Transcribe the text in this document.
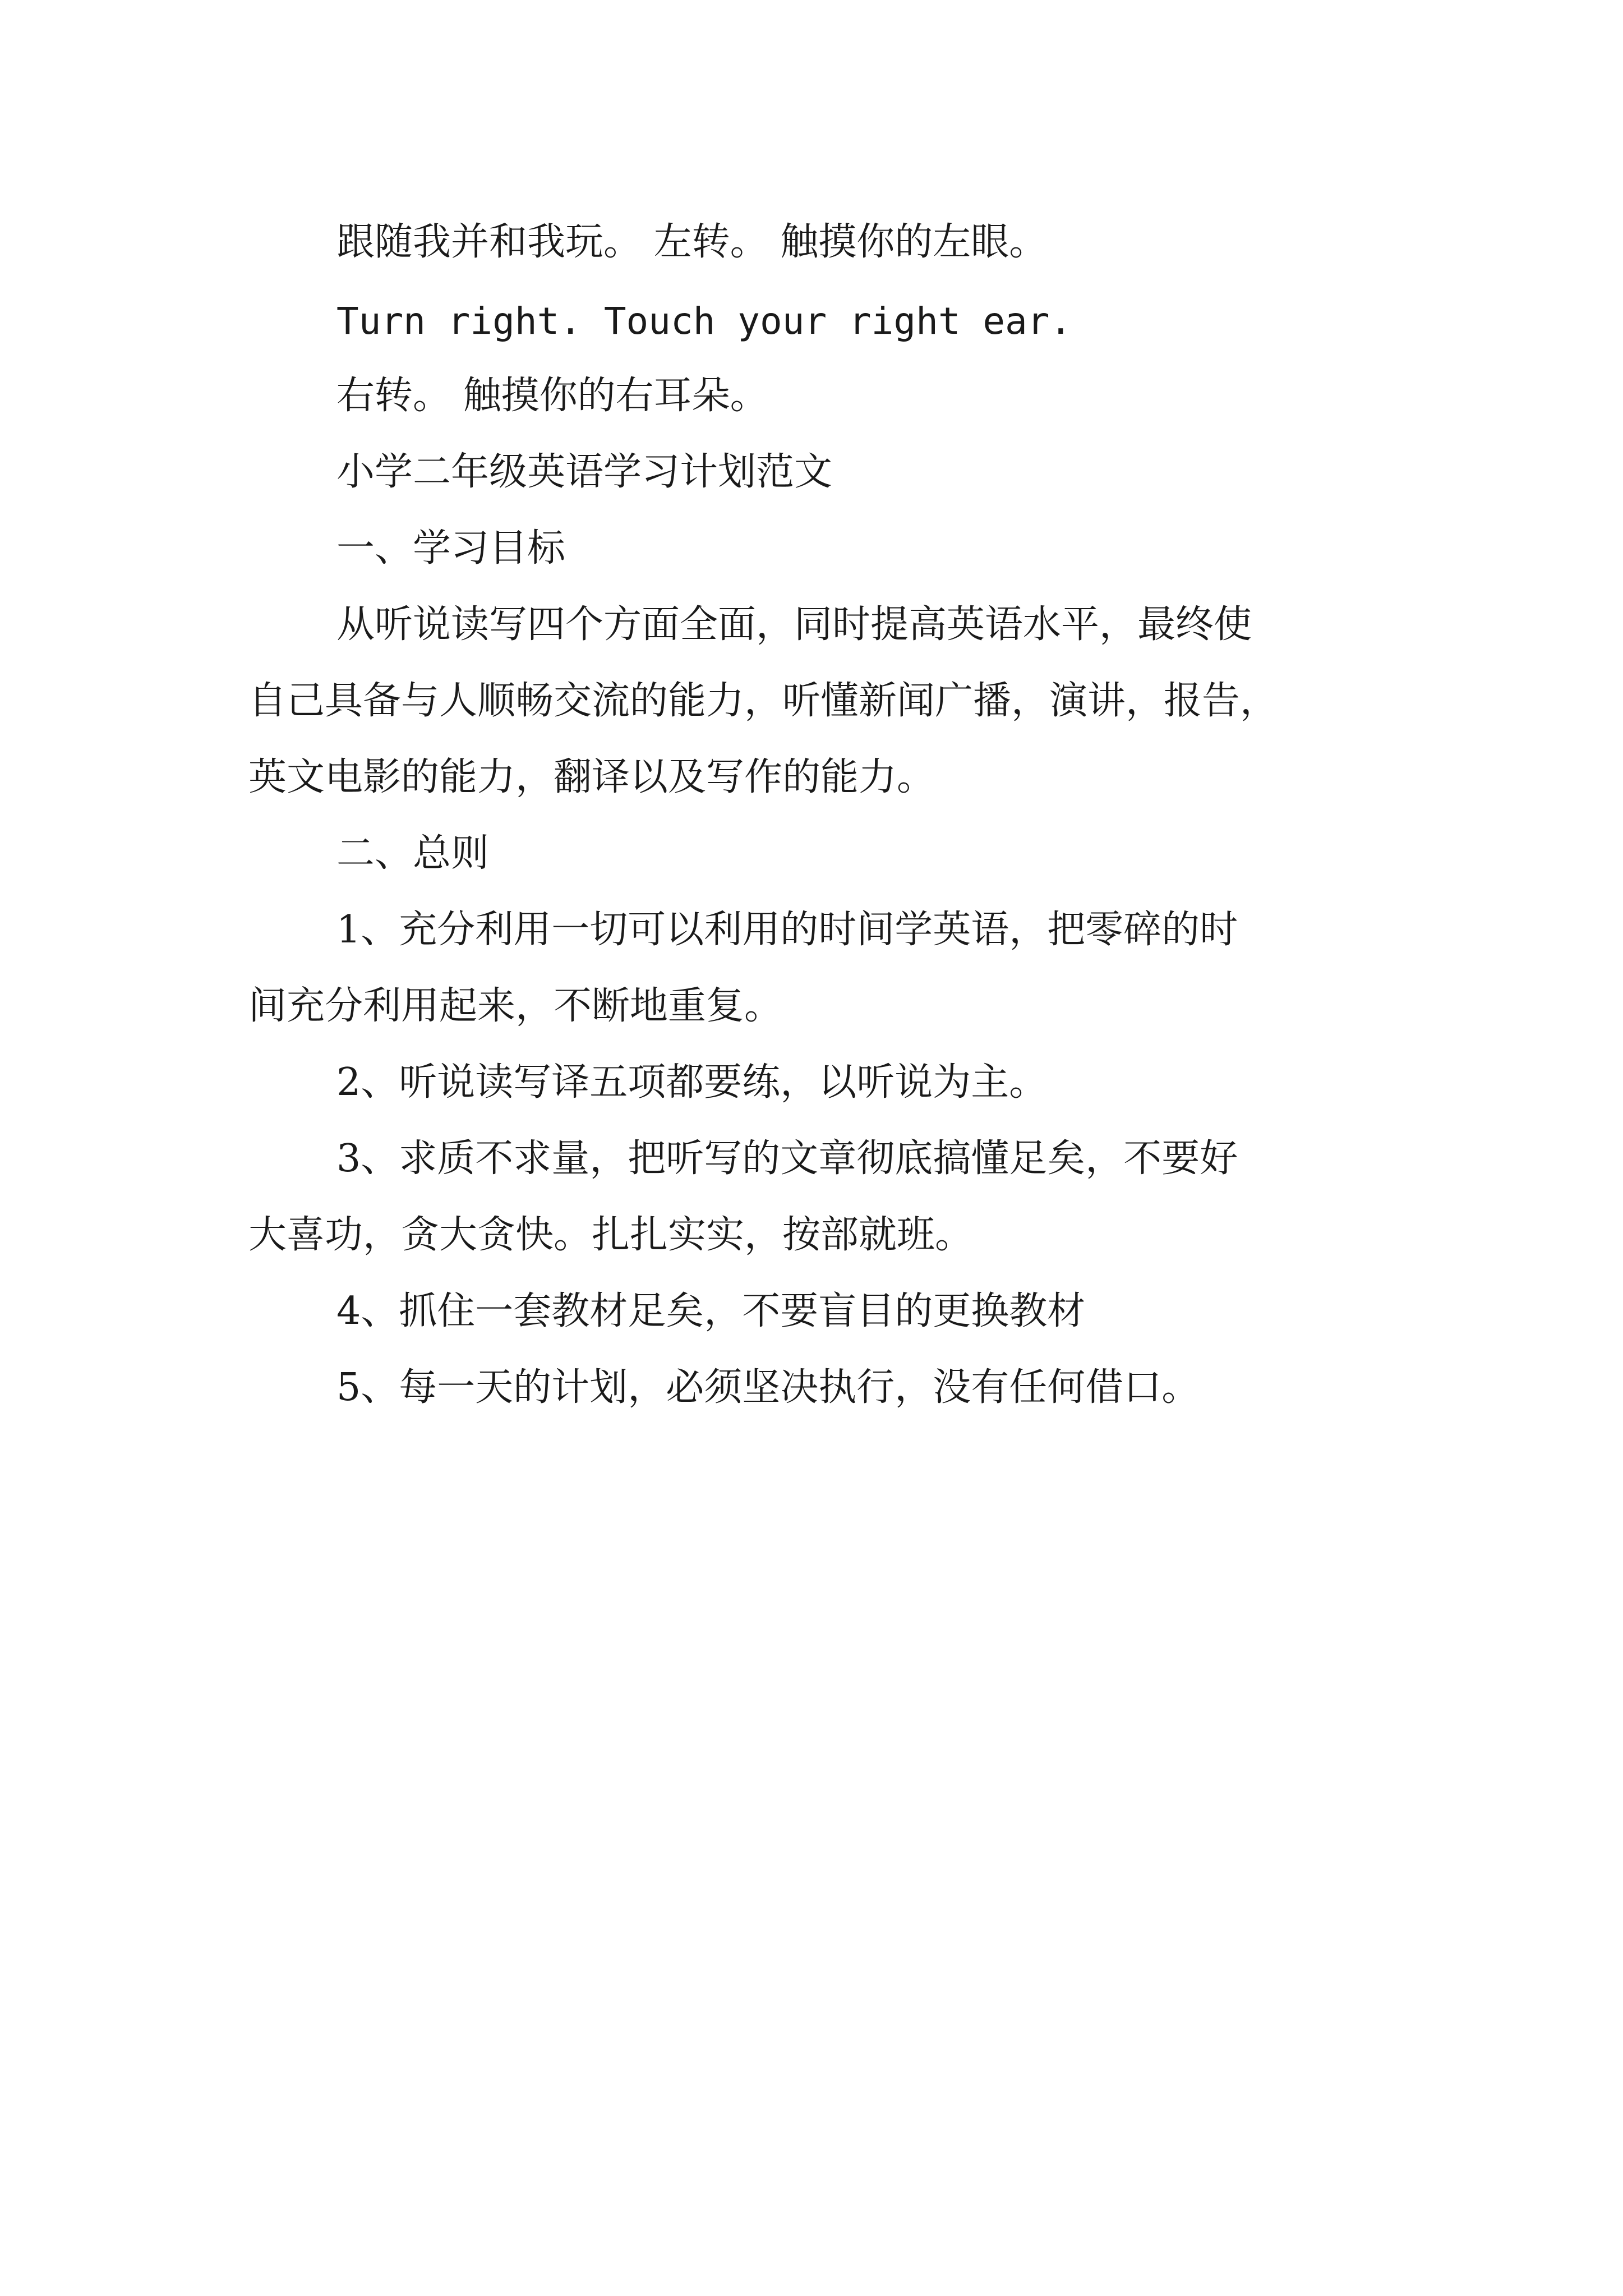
跟随我并和我玩。 左转。 触摸你的左眼。

Turn right. Touch your right ear.

右转。 触摸你的右耳朵。

小学二年级英语学习计划范文

一、学习目标

从听说读写四个方面全面，同时提高英语水平，最终使

自己具备与人顺畅交流的能力，听懂新闻广播，演讲，报告，

英文电影的能力，翻译以及写作的能力。

二、总则

1、充分利用一切可以利用的时间学英语，把零碎的时

间充分利用起来，不断地重复。

2、听说读写译五项都要练，以听说为主。

3、求质不求量，把听写的文章彻底搞懂足矣，不要好

大喜功，贪大贪快。扎扎实实，按部就班。

4、抓住一套教材足矣，不要盲目的更换教材

5、每一天的计划，必须坚决执行，没有任何借口。
